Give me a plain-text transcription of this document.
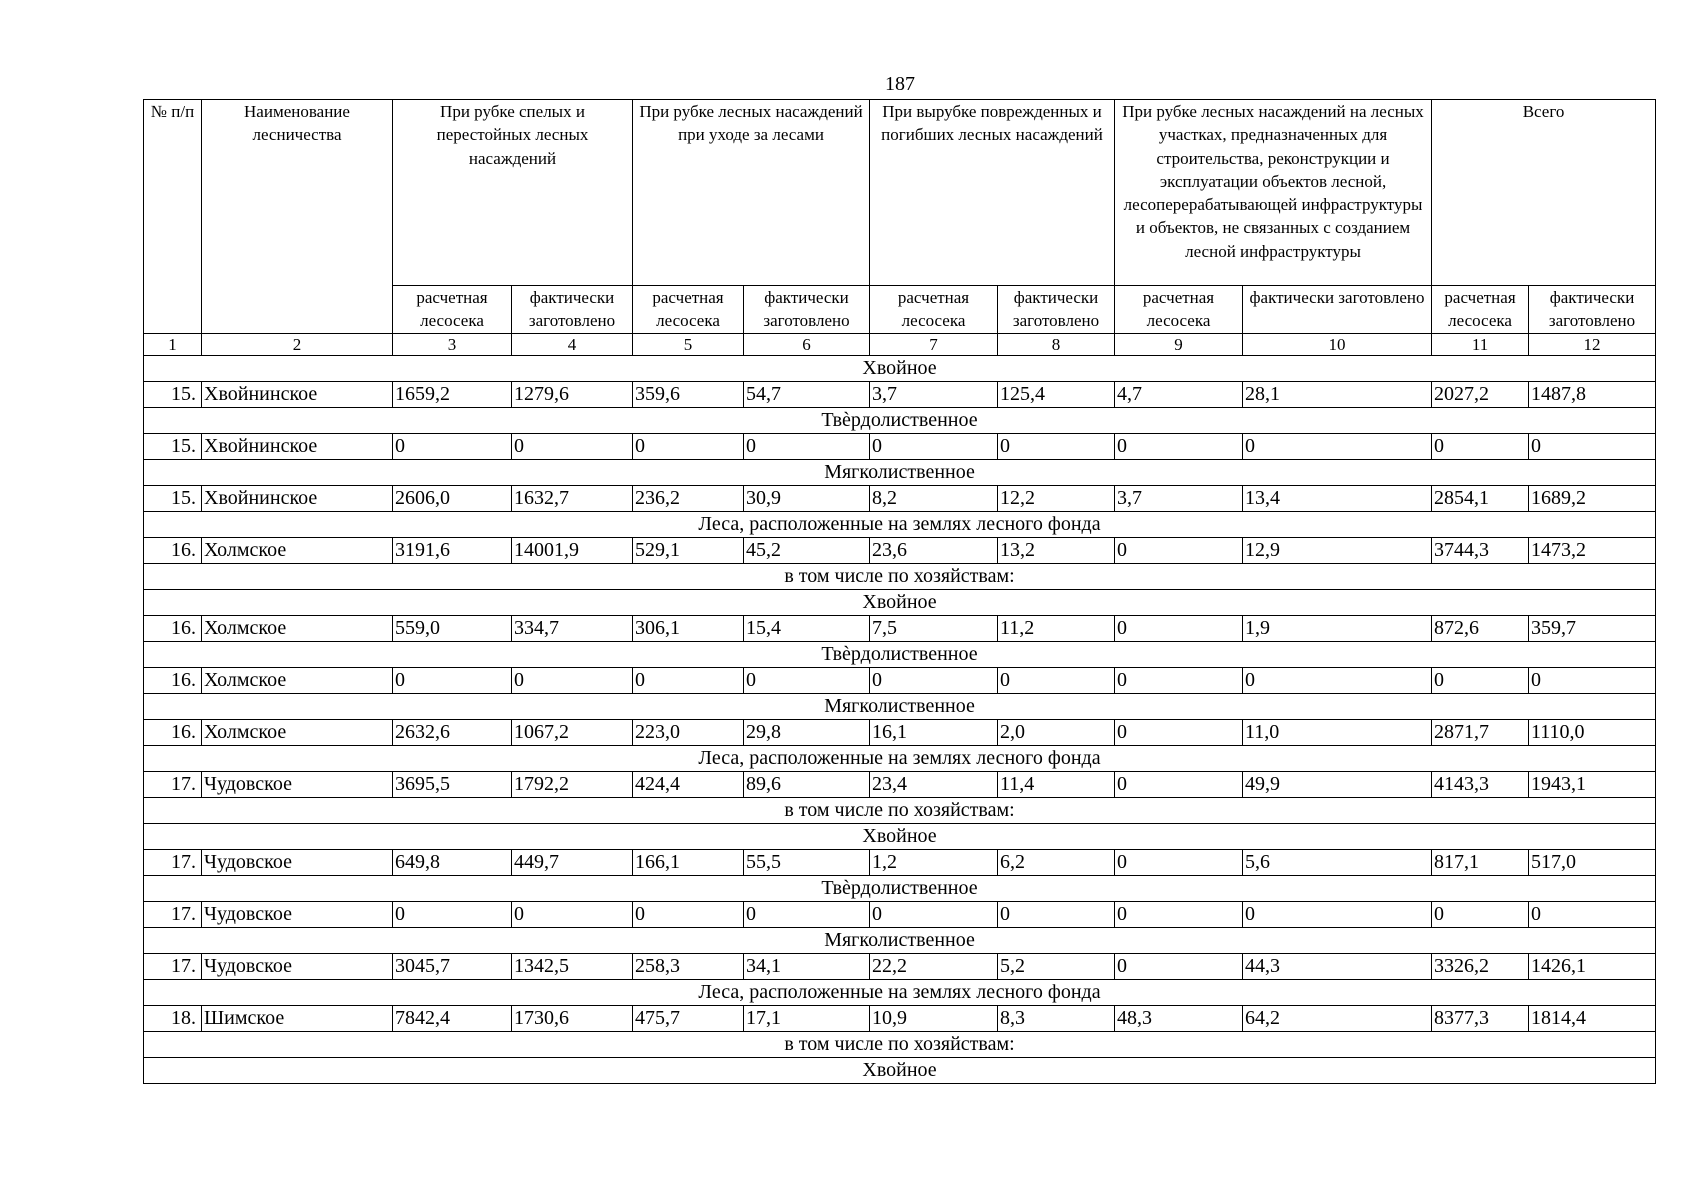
187
№ п/п	Наименование лесничества	При рубке спелых и перестойных лесных насаждений		При рубке лесных насаждений при уходе за лесами		При вырубке поврежденных и погибших лесных насаждений		При рубке лесных насаждений на лесных участках, предназначенных для строительства, реконструкции и эксплуатации объектов лесной, лесоперерабатывающей инфраструктуры и объектов, не связанных с созданием лесной инфраструктуры		Всего	
		расчетная лесосека	фактически заготовлено	расчетная лесосека	фактически заготовлено	расчетная лесосека	фактически заготовлено	расчетная лесосека	фактически заготовлено	расчетная лесосека	фактически заготовлено
1	2	3	4	5	6	7	8	9	10	11	12
Хвойное											
15.	Хвойнинское	1659,2	1279,6	359,6	54,7	3,7	125,4	4,7	28,1	2027,2	1487,8
Твѐрдолиственное											
15.	Хвойнинское	0	0	0	0	0	0	0	0	0	0
Мягколиственное											
15.	Хвойнинское	2606,0	1632,7	236,2	30,9	8,2	12,2	3,7	13,4	2854,1	1689,2
Леса, расположенные на землях лесного фонда											
16.	Холмское	3191,6	14001,9	529,1	45,2	23,6	13,2	0	12,9	3744,3	1473,2
в том числе по хозяйствам:											
Хвойное											
16.	Холмское	559,0	334,7	306,1	15,4	7,5	11,2	0	1,9	872,6	359,7
Твѐрдолиственное											
16.	Холмское	0	0	0	0	0	0	0	0	0	0
Мягколиственное											
16.	Холмское	2632,6	1067,2	223,0	29,8	16,1	2,0	0	11,0	2871,7	1110,0
Леса, расположенные на землях лесного фонда											
17.	Чудовское	3695,5	1792,2	424,4	89,6	23,4	11,4	0	49,9	4143,3	1943,1
в том числе по хозяйствам:											
Хвойное											
17.	Чудовское	649,8	449,7	166,1	55,5	1,2	6,2	0	5,6	817,1	517,0
Твѐрдолиственное											
17.	Чудовское	0	0	0	0	0	0	0	0	0	0
Мягколиственное											
17.	Чудовское	3045,7	1342,5	258,3	34,1	22,2	5,2	0	44,3	3326,2	1426,1
Леса, расположенные на землях лесного фонда											
18.	Шимское	7842,4	1730,6	475,7	17,1	10,9	8,3	48,3	64,2	8377,3	1814,4
в том числе по хозяйствам:											
Хвойное											
